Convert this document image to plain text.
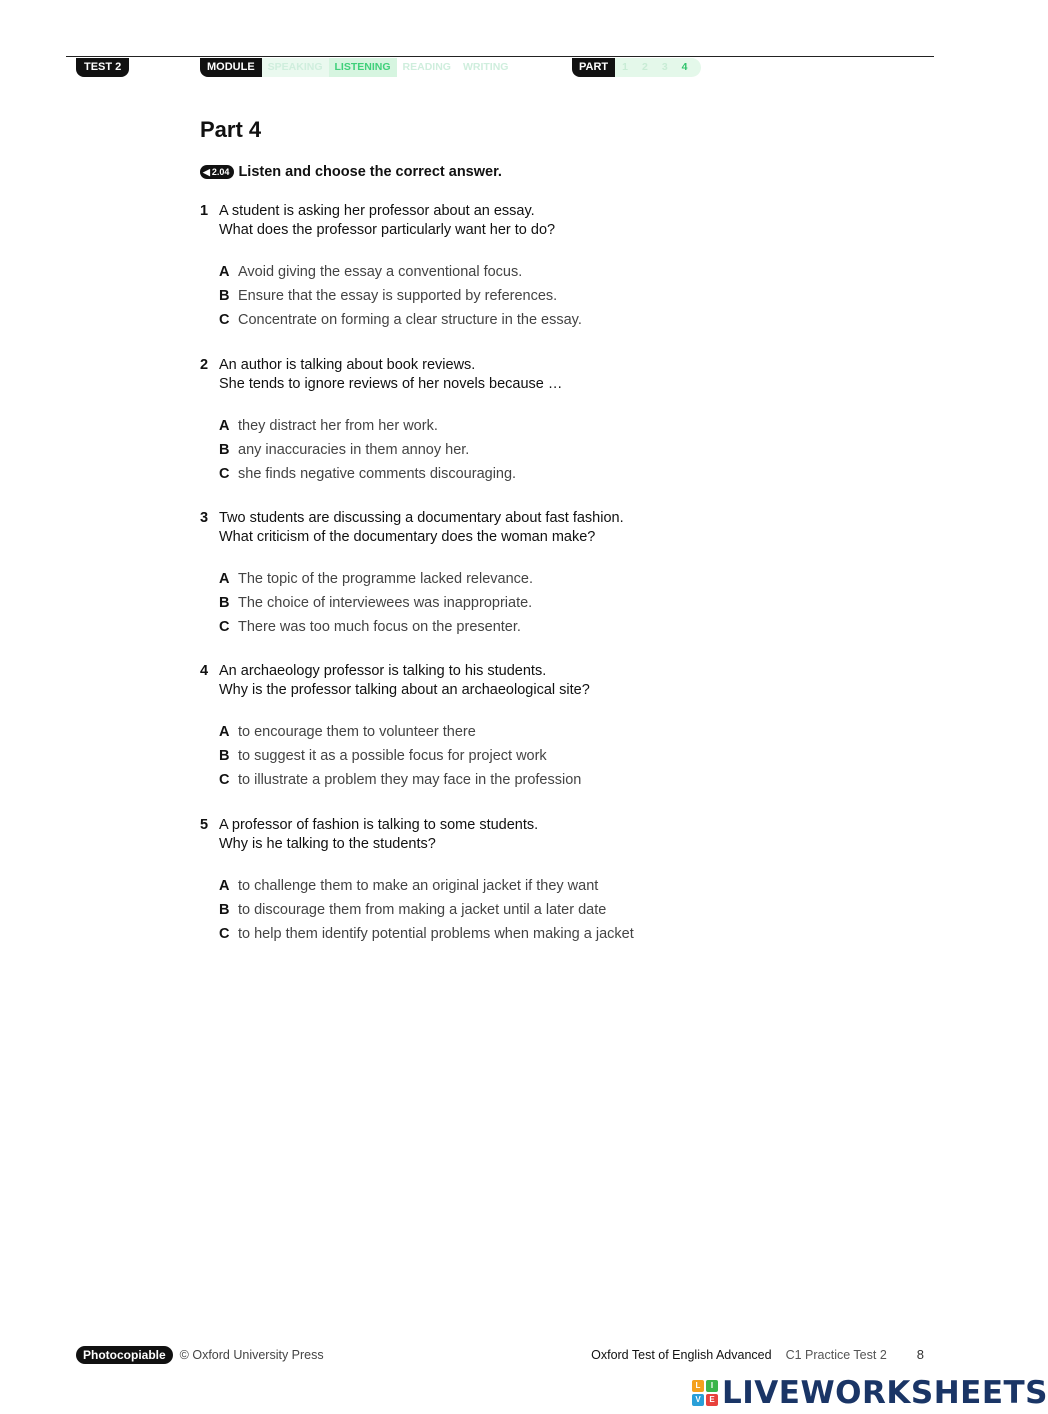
TEST 2	MODULE	SPEAKING	LISTENING	READING	WRITING	PART	1	2	3	4
Part 4
◀ 2.04 Listen and choose the correct answer.
1 A student is asking her professor about an essay.
What does the professor particularly want her to do?
A Avoid giving the essay a conventional focus.
B Ensure that the essay is supported by references.
C Concentrate on forming a clear structure in the essay.
2 An author is talking about book reviews.
She tends to ignore reviews of her novels because …
A they distract her from her work.
B any inaccuracies in them annoy her.
C she finds negative comments discouraging.
3 Two students are discussing a documentary about fast fashion.
What criticism of the documentary does the woman make?
A The topic of the programme lacked relevance.
B The choice of interviewees was inappropriate.
C There was too much focus on the presenter.
4 An archaeology professor is talking to his students.
Why is the professor talking about an archaeological site?
A to encourage them to volunteer there
B to suggest it as a possible focus for project work
C to illustrate a problem they may face in the profession
5 A professor of fashion is talking to some students.
Why is he talking to the students?
A to challenge them to make an original jacket if they want
B to discourage them from making a jacket until a later date
C to help them identify potential problems when making a jacket
Photocopiable	© Oxford University Press	Oxford Test of English Advanced C1 Practice Test 2 8
L	I
V	E LIVEWORKSHEETS
